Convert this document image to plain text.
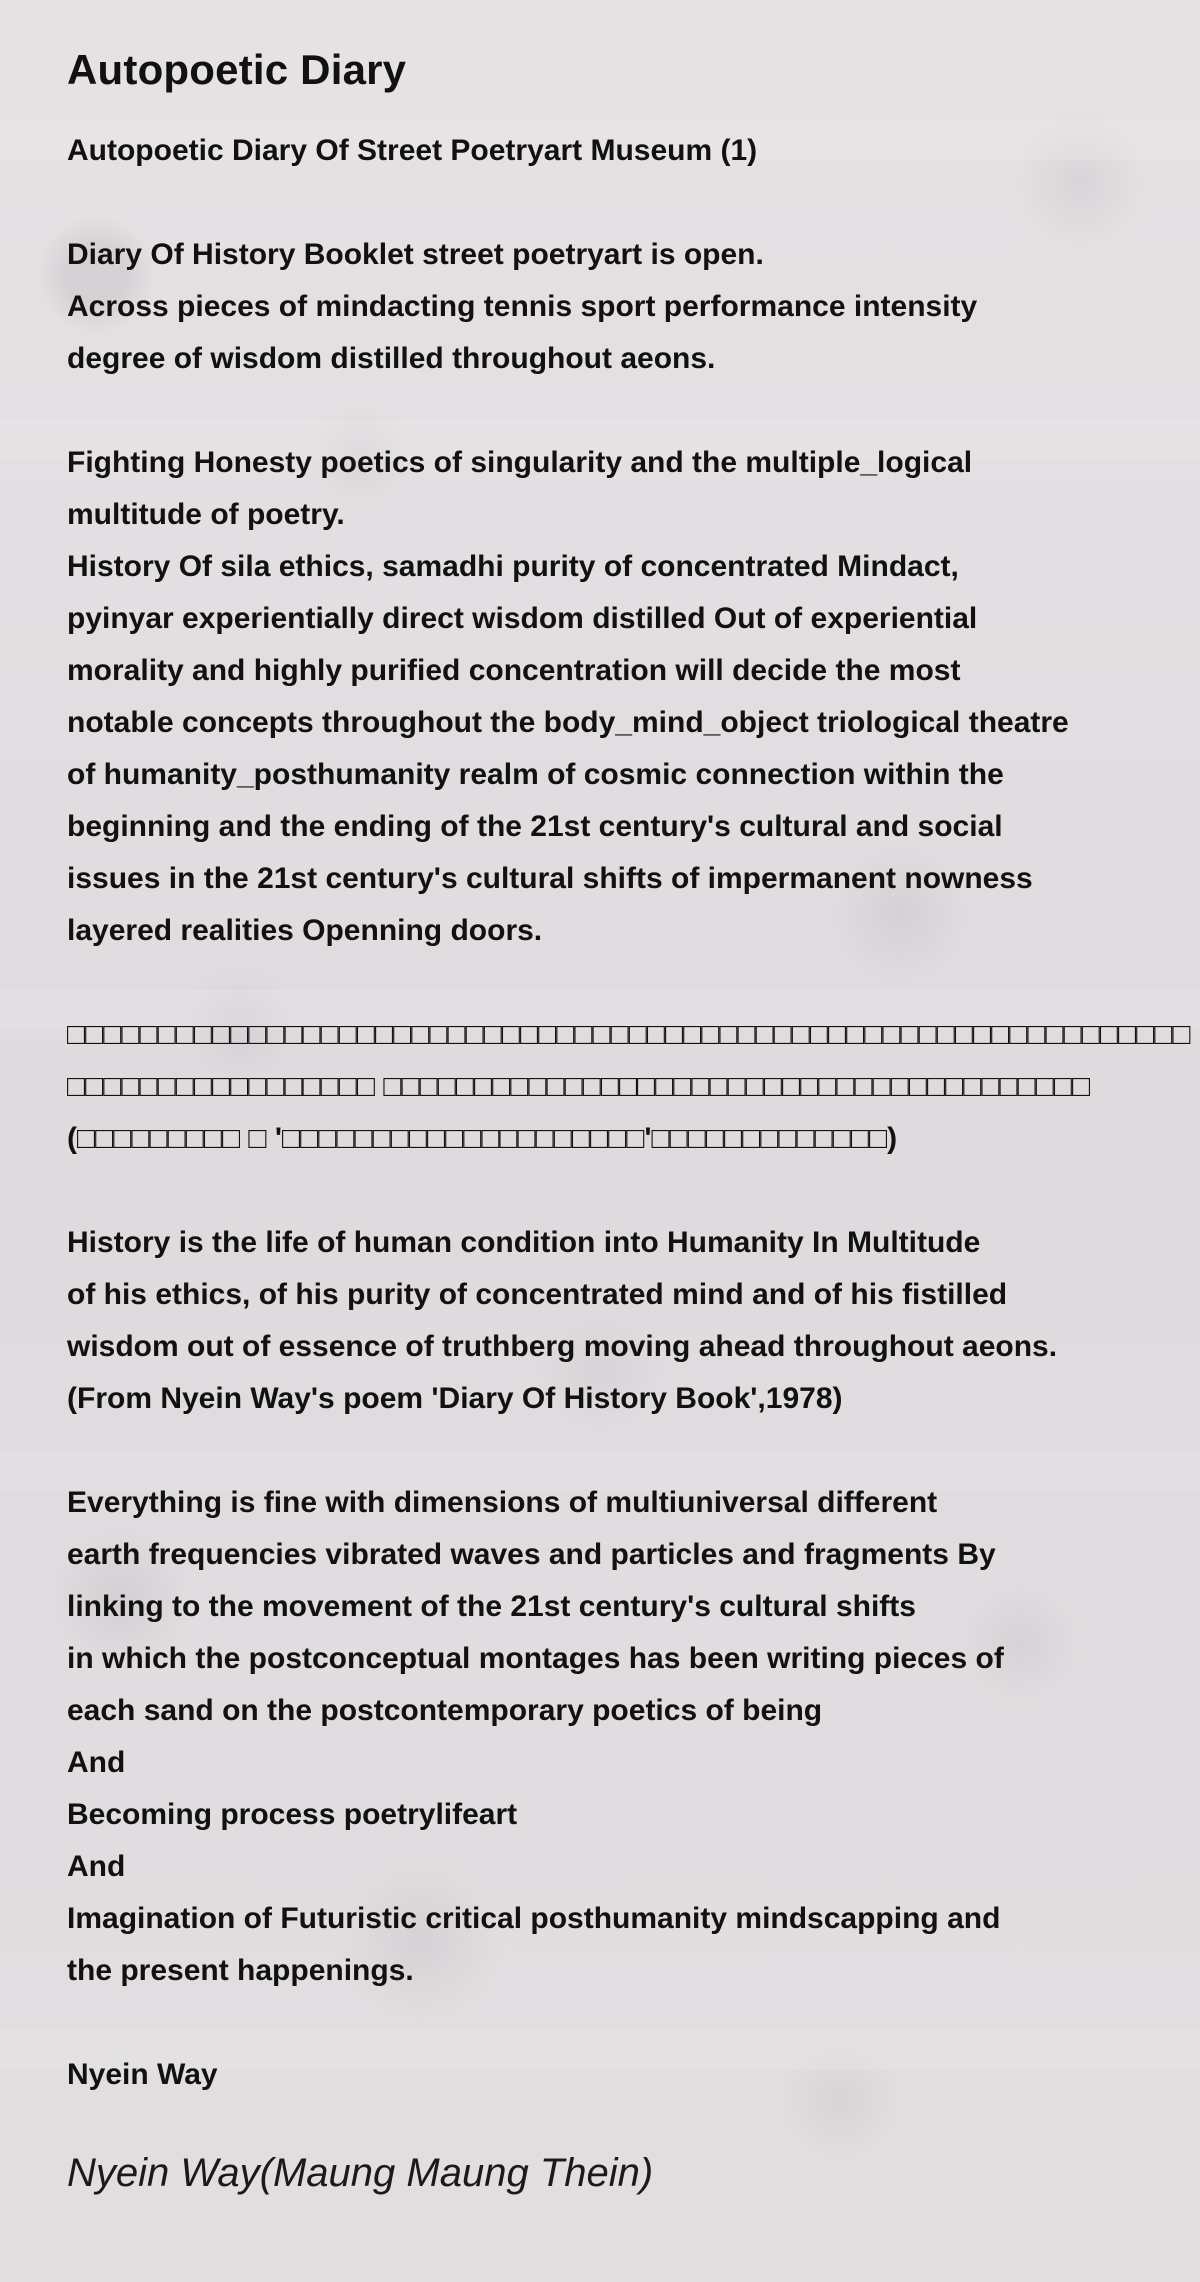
Autopoetic Diary
Autopoetic Diary Of Street Poetryart Museum (1)
Diary Of History Booklet street poetryart is open.
Across pieces of mindacting tennis sport performance intensity
degree of wisdom distilled throughout aeons.
Fighting Honesty poetics of singularity and the multiple_logical
multitude of poetry.
History Of sila ethics, samadhi purity of concentrated Mindact,
pyinyar experientially direct wisdom distilled Out of experiential
morality and highly purified concentration will decide the most
notable concepts throughout the body_mind_object triological theatre
of humanity_posthumanity realm of cosmic connection within the
beginning and the ending of the 21st century's cultural and social
issues in the 21st century's cultural shifts of impermanent nowness
layered realities Openning doors.
□□□□□□□□□□□□□□□□□□□□□□□□□□□□□□□□□□□□□□□□□□□□□□□□□□□□□□□□□□□□□□
□□□□□□□□□□□□□□□□□ □□□□□□□□□□□□□□□□□□□□□□□□□□□□□□□□□□□□□□□
(□□□□□□□□□ □ '□□□□□□□□□□□□□□□□□□□□'□□□□□□□□□□□□□)
History is the life of human condition into Humanity In Multitude
of his ethics, of his purity of concentrated mind and of his fistilled
wisdom out of essence of truthberg moving ahead throughout aeons.
(From Nyein Way's poem 'Diary Of History Book',1978)
Everything is fine with dimensions of multiuniversal different
earth frequencies vibrated waves and particles and fragments By
linking to the movement of the 21st century's cultural shifts
in which the postconceptual montages has been writing pieces of
each sand on the postcontemporary poetics of being
And
Becoming process poetrylifeart
And
Imagination of Futuristic critical posthumanity mindscapping and
the present happenings.
Nyein Way
Nyein Way(Maung Maung Thein)
